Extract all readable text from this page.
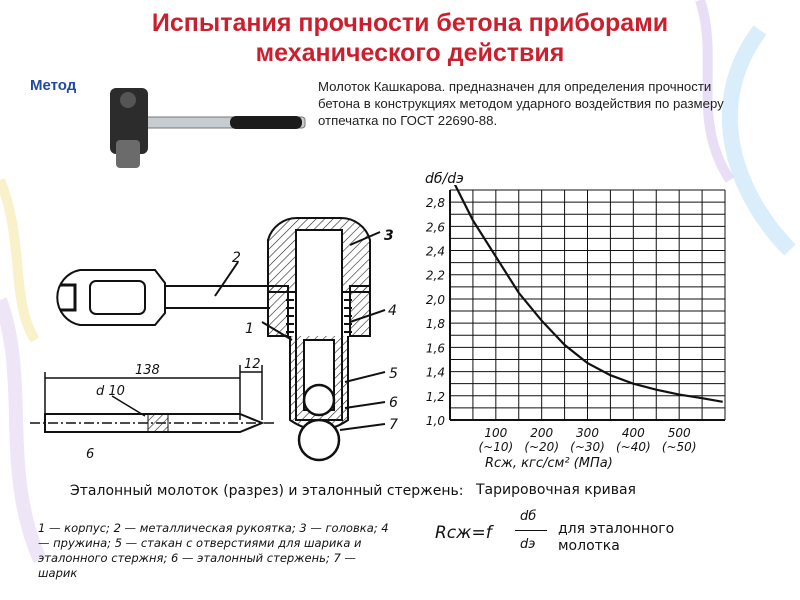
Испытания прочности бетона приборами механического действия
Метод	Молоток Кашкарова. предназначен для определения прочности бетона в конструкциях методом ударного воздействия по размеру отпечатка по ГОСТ 22690-88.
2
3
4
1
5
6
7
138	12
d 10
6
Эталонный молоток (разрез) и эталонный стержень:
1 — корпус; 2 — металлическая рукоятка; 3 — головка; 4 — пружина; 5 — стакан с отверстиями для шарика и эталонного стержня; 6 — эталонный стержень; 7 — шарик
2,8
2,6
2,4
2,2
2,0
1,8
1,6
1,4
1,2
1,0
100
(~10)
200
(~20)
300
(~30)
400
(~40)
500
(~50)
dб/dэ
Rсж, кгс/см² (МПа)
Тарировочная кривая
Rсж=f
dб
dэ
для эталонного молотка
